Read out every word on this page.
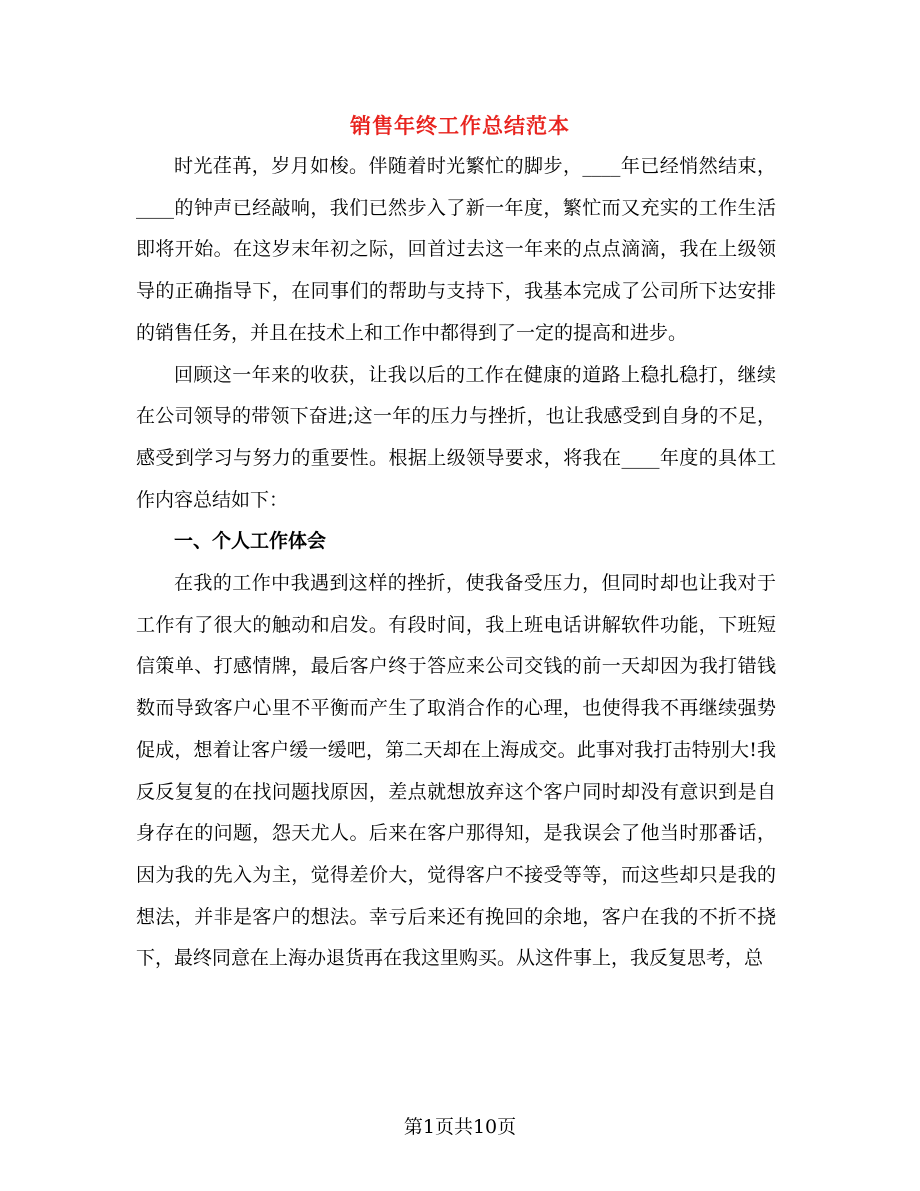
销售年终工作总结范本

时光荏苒，岁月如梭。伴随着时光繁忙的脚步，____年已经悄然结束，____的钟声已经敲响，我们已然步入了新一年度，繁忙而又充实的工作生活即将开始。在这岁末年初之际，回首过去这一年来的点点滴滴，我在上级领导的正确指导下，在同事们的帮助与支持下，我基本完成了公司所下达安排的销售任务，并且在技术上和工作中都得到了一定的提高和进步。

回顾这一年来的收获，让我以后的工作在健康的道路上稳扎稳打，继续在公司领导的带领下奋进;这一年的压力与挫折，也让我感受到自身的不足，感受到学习与努力的重要性。根据上级领导要求，将我在____年度的具体工作内容总结如下：

一、个人工作体会

在我的工作中我遇到这样的挫折，使我备受压力，但同时却也让我对于工作有了很大的触动和启发。有段时间，我上班电话讲解软件功能，下班短信策单、打感情牌，最后客户终于答应来公司交钱的前一天却因为我打错钱数而导致客户心里不平衡而产生了取消合作的心理，也使得我不再继续强势促成，想着让客户缓一缓吧，第二天却在上海成交。此事对我打击特别大!我反反复复的在找问题找原因，差点就想放弃这个客户同时却没有意识到是自身存在的问题，怨天尤人。后来在客户那得知，是我误会了他当时那番话，因为我的先入为主，觉得差价大，觉得客户不接受等等，而这些却只是我的想法，并非是客户的想法。幸亏后来还有挽回的余地，客户在我的不折不挠下，最终同意在上海办退货再在我这里购买。从这件事上，我反复思考，总

第1页共10页
